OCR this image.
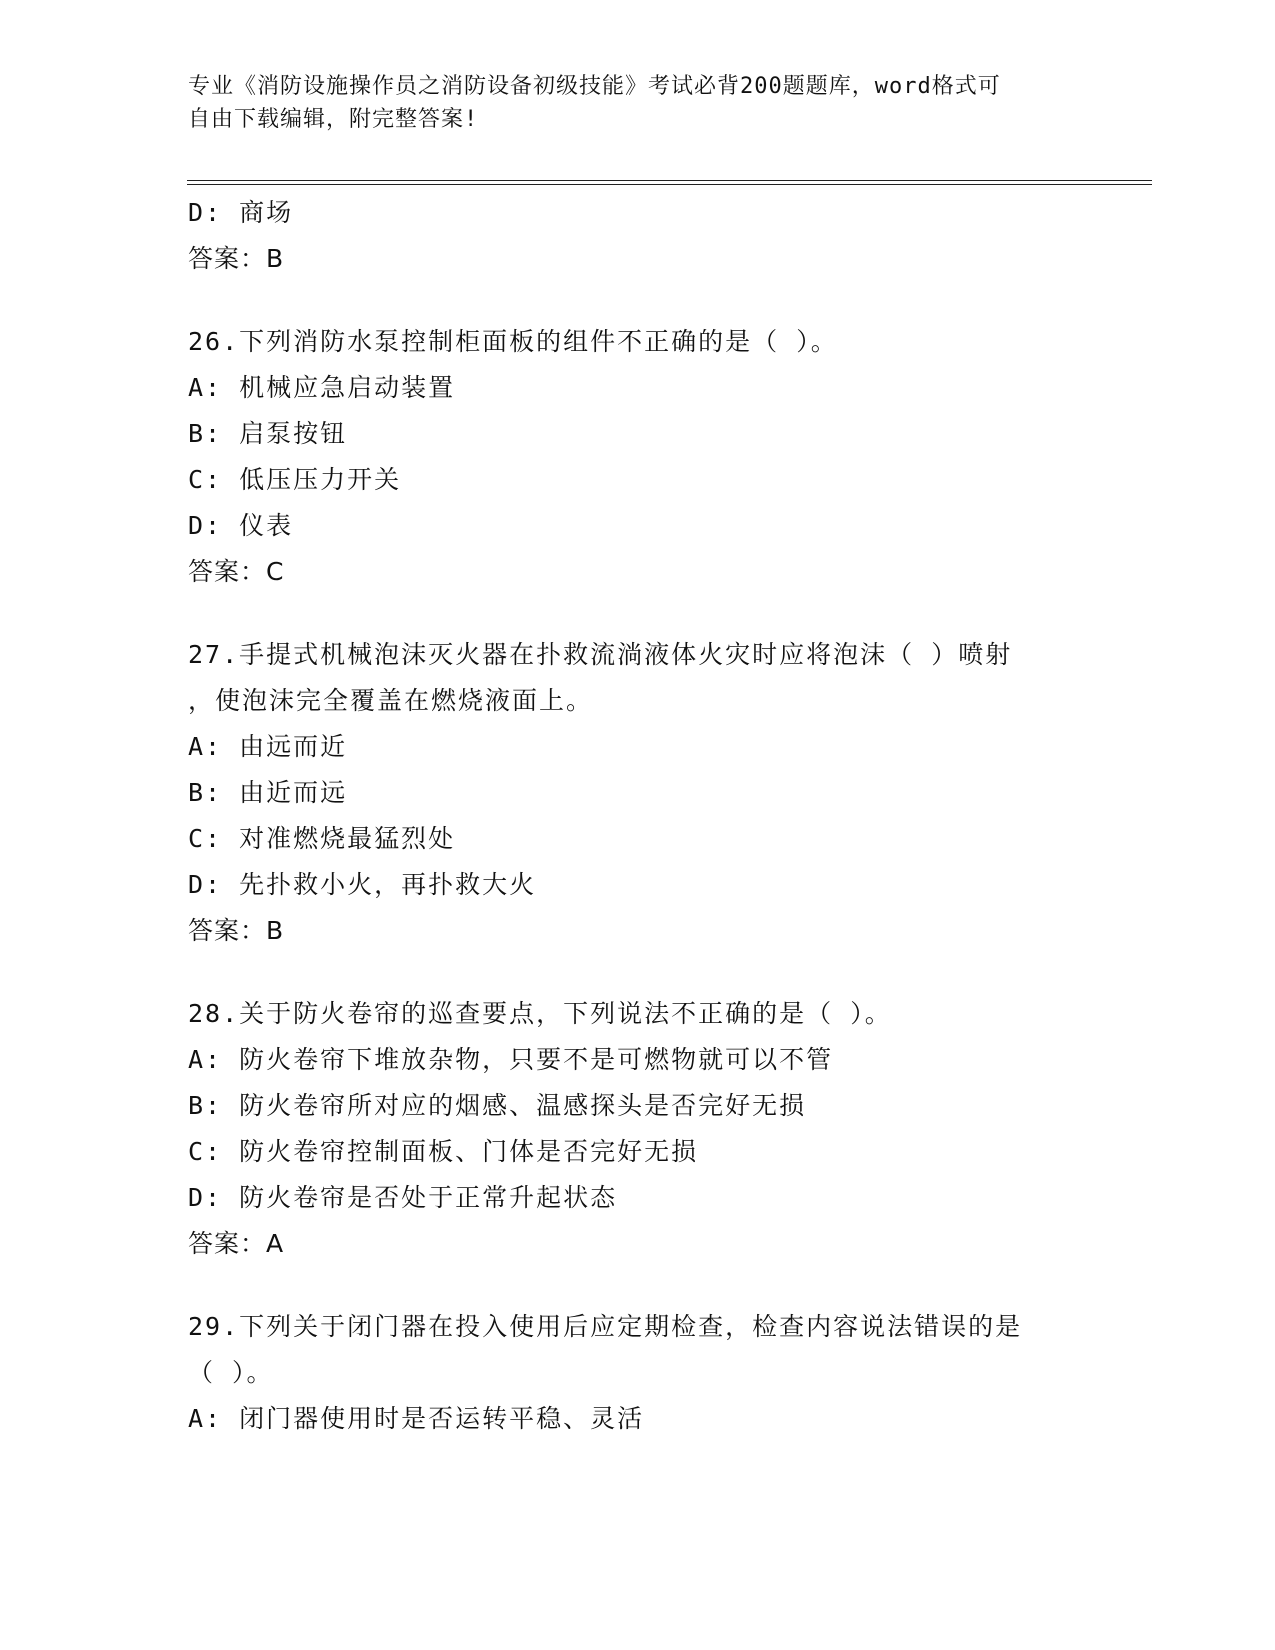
专业《消防设施操作员之消防设备初级技能》考试必背200题题库，word格式可
自由下载编辑，附完整答案!
D: 商场
答案：B
26.下列消防水泵控制柜面板的组件不正确的是（ ）。
A: 机械应急启动装置
B: 启泵按钮
C: 低压压力开关
D: 仪表
答案：C
27.手提式机械泡沫灭火器在扑救流淌液体火灾时应将泡沫（ ）喷射
，使泡沫完全覆盖在燃烧液面上。
A: 由远而近
B: 由近而远
C: 对准燃烧最猛烈处
D: 先扑救小火，再扑救大火
答案：B
28.关于防火卷帘的巡查要点，下列说法不正确的是（ ）。
A: 防火卷帘下堆放杂物，只要不是可燃物就可以不管
B: 防火卷帘所对应的烟感、温感探头是否完好无损
C: 防火卷帘控制面板、门体是否完好无损
D: 防火卷帘是否处于正常升起状态
答案：A
29.下列关于闭门器在投入使用后应定期检查，检查内容说法错误的是
（ ）。
A: 闭门器使用时是否运转平稳、灵活
